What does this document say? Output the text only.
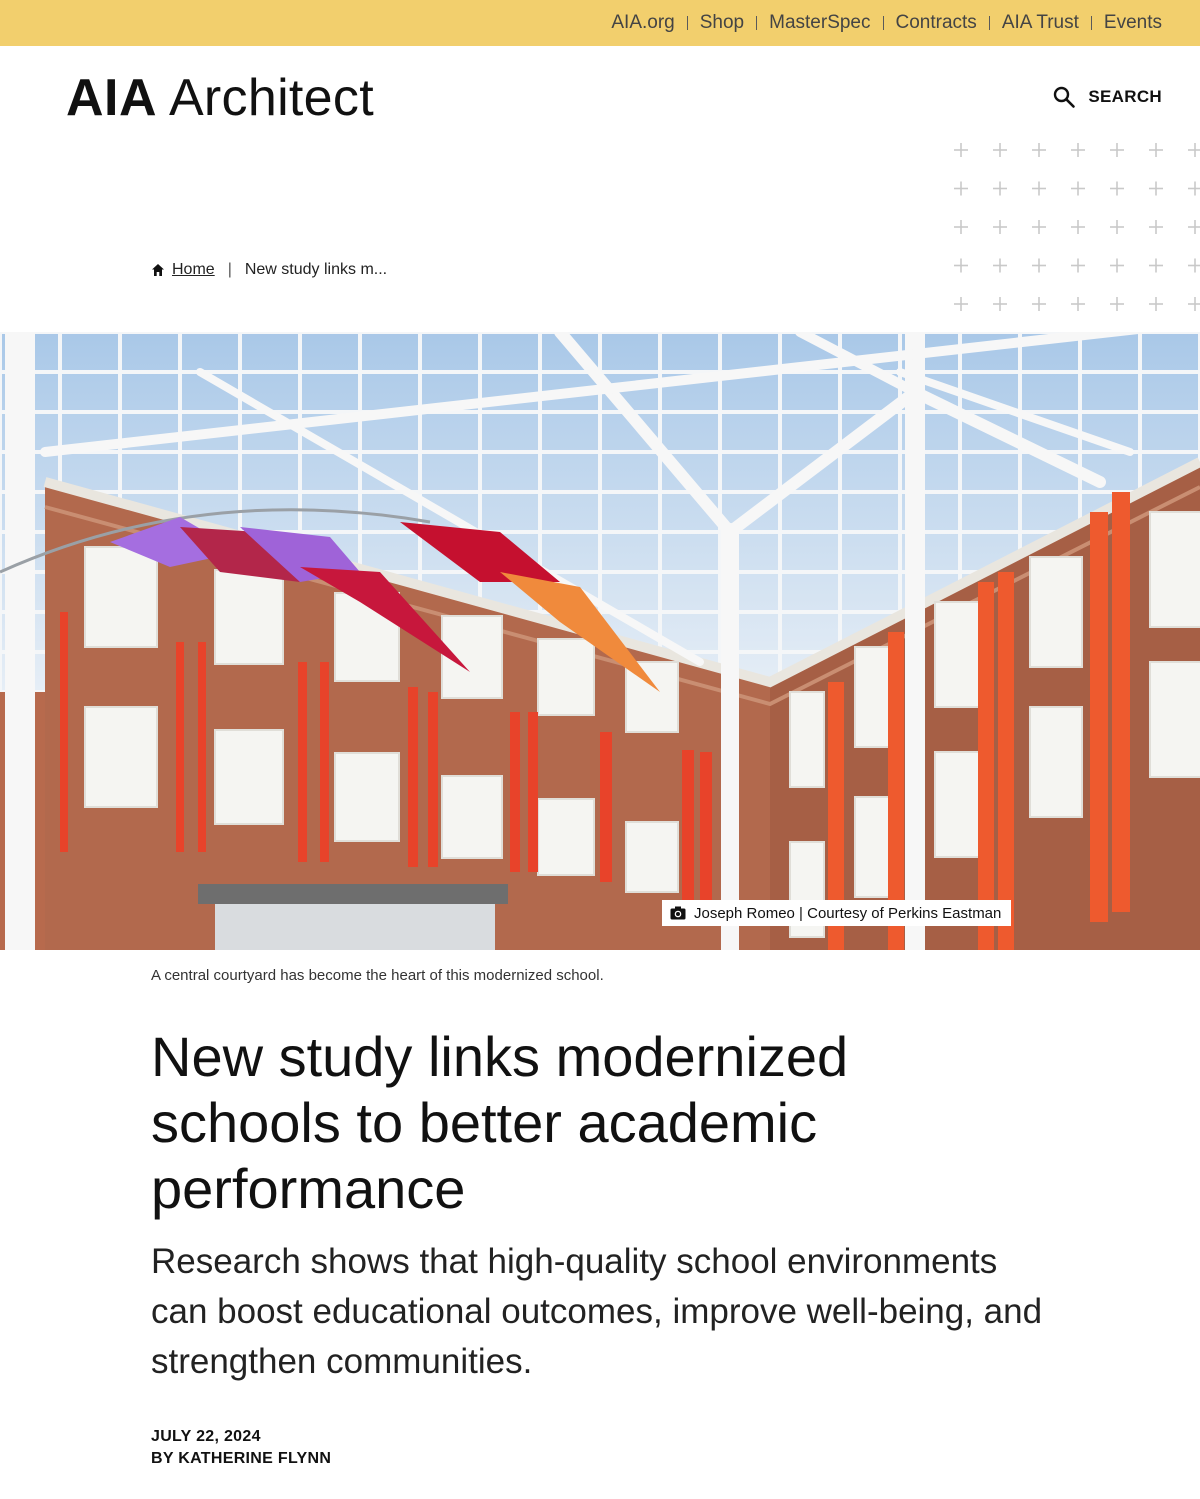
AIA.org Shop MasterSpec Contracts AIA Trust Events
AIA Architect	SEARCH
Home | New study links m...
Joseph Romeo | Courtesy of Perkins Eastman

A central courtyard has become the heart of this modernized school.

New study links modernized schools to better academic performance
Research shows that high-quality school environments can boost educational outcomes, improve well-being, and strengthen communities.

JULY 22, 2024

BY KATHERINE FLYNN
